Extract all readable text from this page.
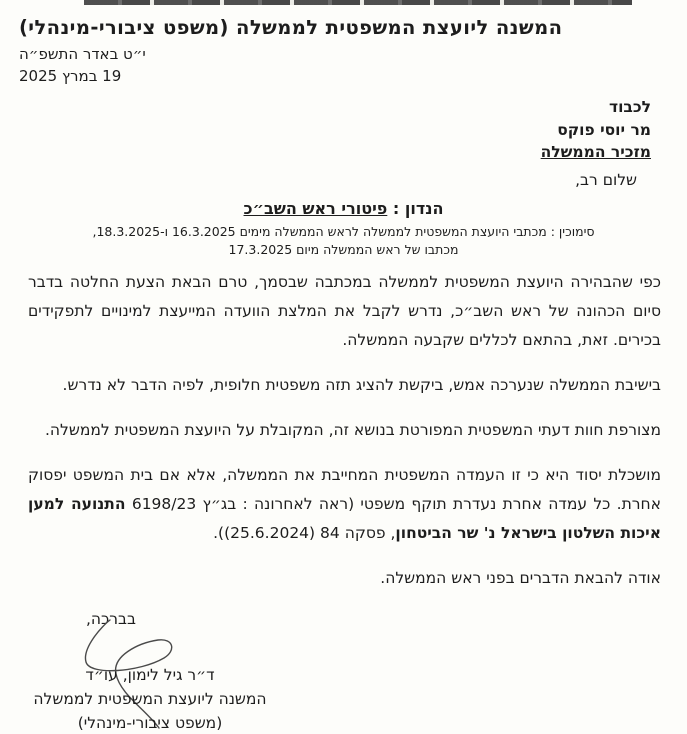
המשנה ליועצת המשפטית לממשלה (משפט ציבורי-מינהלי)
י״ט באדר התשפ״ה
19 במרץ 2025
לכבוד
מר יוסי פוקס
מזכיר הממשלה
שלום רב,
הנדון : פיטורי ראש השב״כ
סימוכין : מכתבי היועצת המשפטית לממשלה לראש הממשלה מימים 16.3.2025 ו-18.3.2025, מכתבו של ראש הממשלה מיום 17.3.2025

כפי שהבהירה היועצת המשפטית לממשלה במכתבה שבסמך, טרם הבאת הצעת החלטה בדבר סיום הכהונה של ראש השב״כ, נדרש לקבל את המלצת הוועדה המייעצת למינויים לתפקידים בכירים. זאת, בהתאם לכללים שקבעה הממשלה.

בישיבת הממשלה שנערכה אמש, ביקשת להציג תזה משפטית חלופית, לפיה הדבר לא נדרש.

מצורפת חוות דעתי המשפטית המפורטת בנושא זה, המקובלת על היועצת המשפטית לממשלה.

מושכלת יסוד היא כי זו העמדה המשפטית המחייבת את הממשלה, אלא אם בית המשפט יפסוק אחרת. כל עמדה אחרת נעדרת תוקף משפטי (ראה לאחרונה : בג״ץ 6198/23 התנועה למען איכות השלטון בישראל נ' שר הביטחון, פסקה 84 (25.6.2024)).

אודה להבאת הדברים בפני ראש הממשלה.

בברכה,
ד״ר גיל לימון, עו״ד
המשנה ליועצת המשפטית לממשלה
(משפט ציבורי-מינהלי)
